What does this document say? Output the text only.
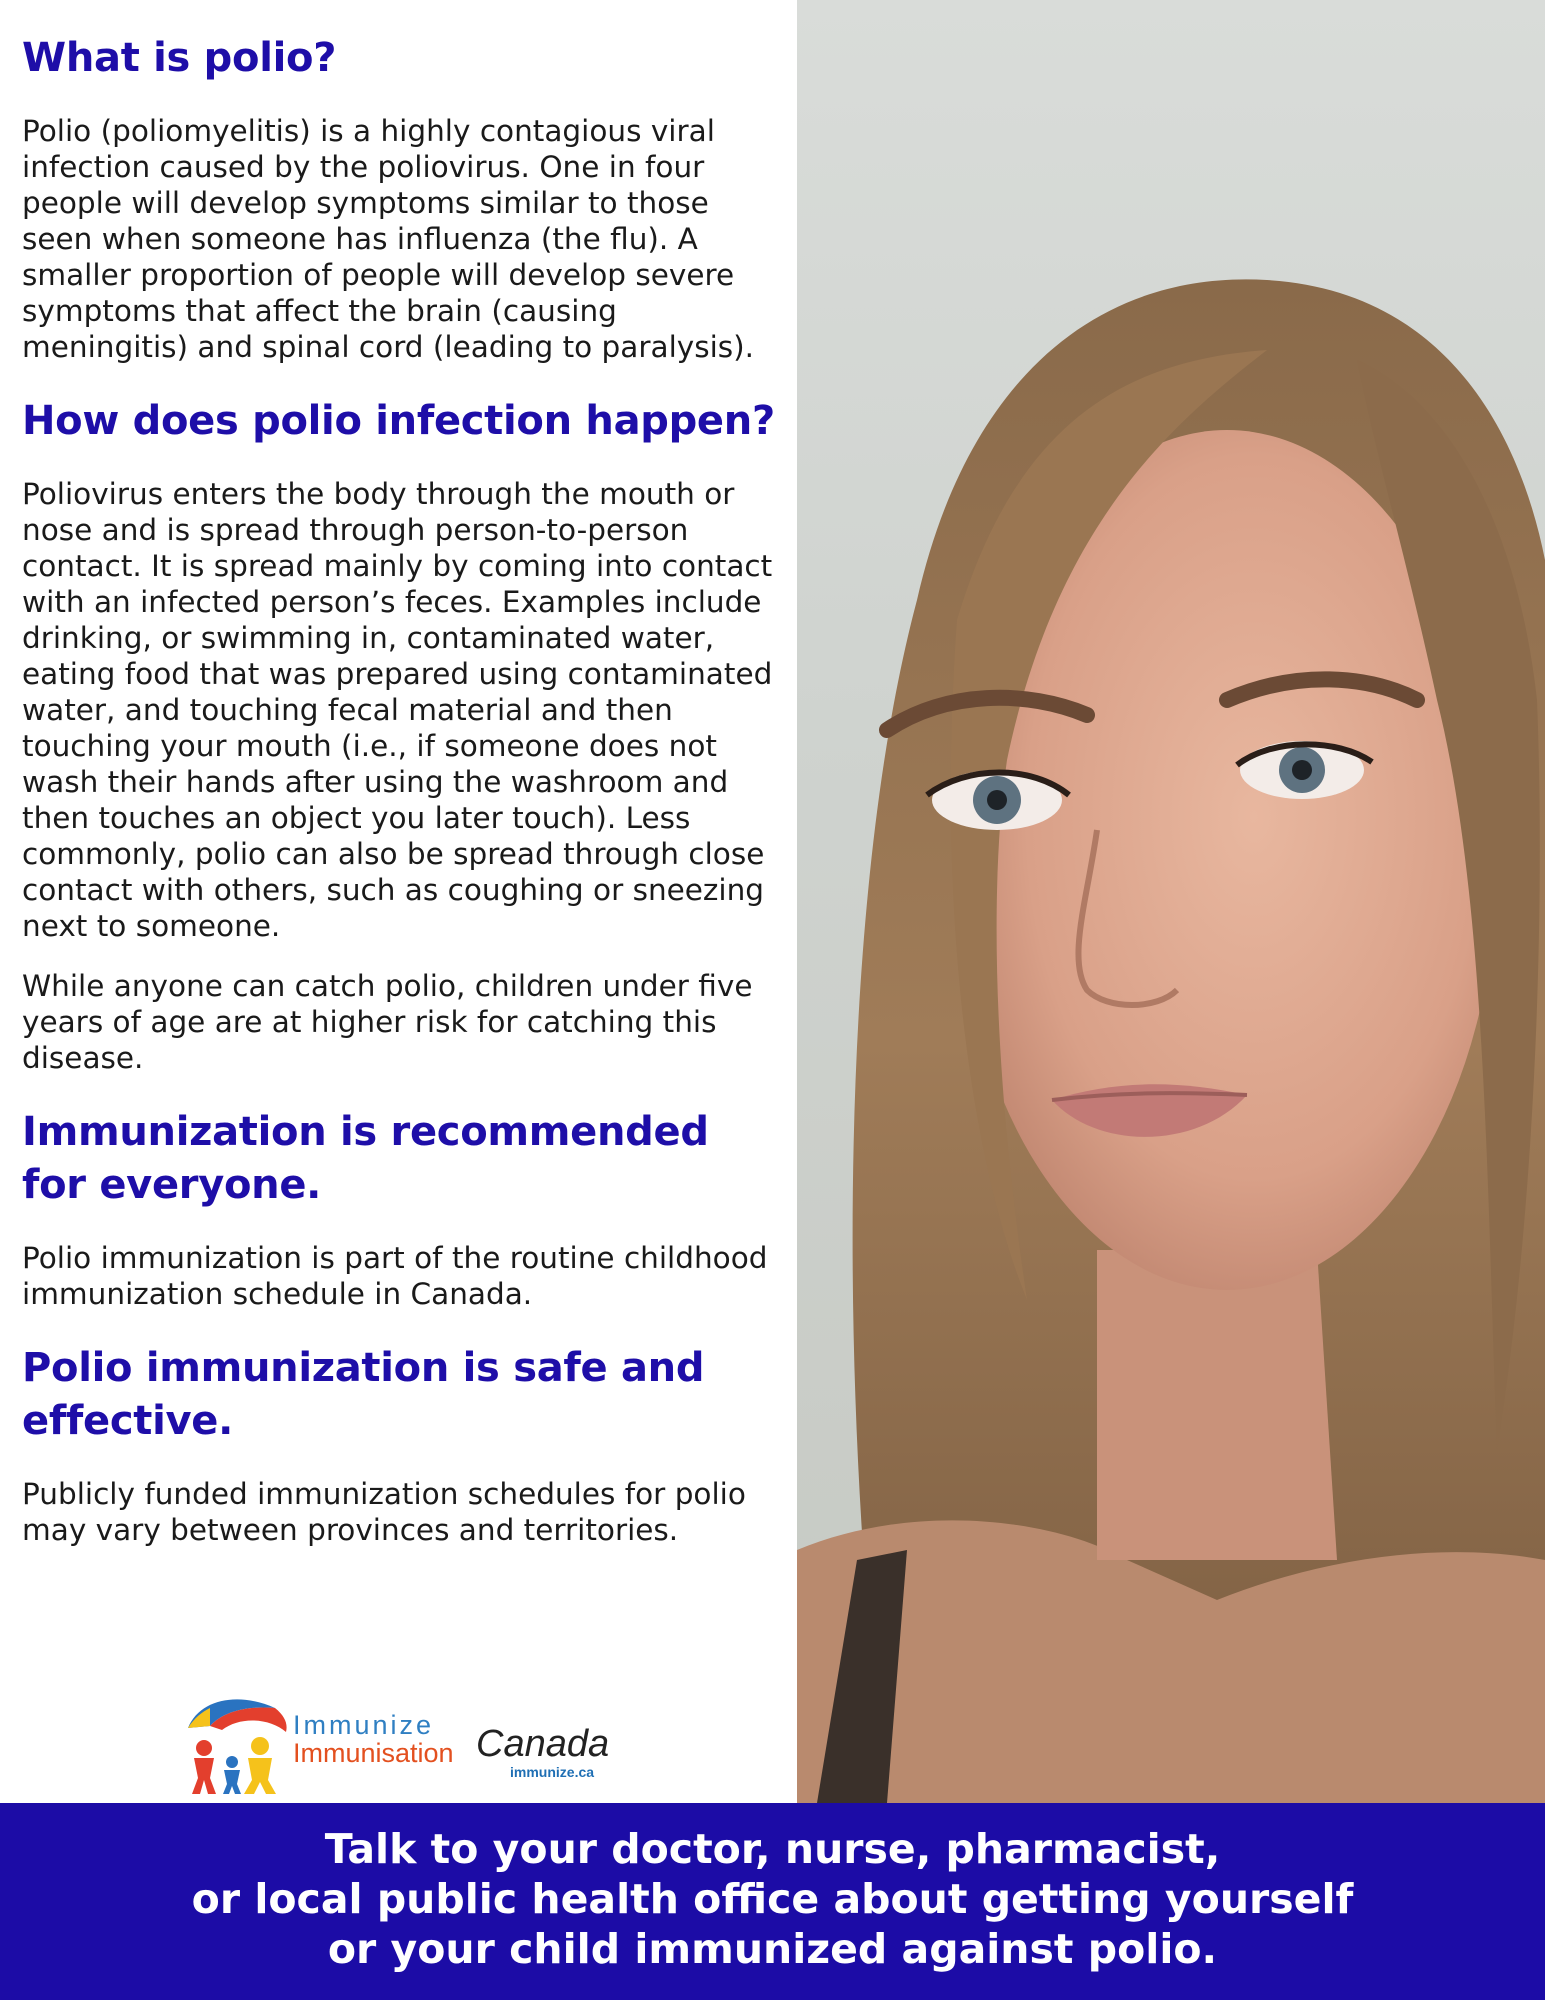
What is polio?

Polio (poliomyelitis) is a highly contagious viral infection caused by the poliovirus. One in four people will develop symptoms similar to those seen when someone has influenza (the flu). A smaller proportion of people will develop severe symptoms that affect the brain (causing meningitis) and spinal cord (leading to paralysis).

How does polio infection happen?

Poliovirus enters the body through the mouth or nose and is spread through person-to-person contact. It is spread mainly by coming into contact with an infected person’s feces. Examples include drinking, or swimming in, contaminated water, eating food that was prepared using contaminated water, and touching fecal material and then touching your mouth (i.e., if someone does not wash their hands after using the washroom and then touches an object you later touch). Less commonly, polio can also be spread through close contact with others, such as coughing or sneezing next to someone.

While anyone can catch polio, children under five years of age are at higher risk for catching this disease.

Immunization is recommended for everyone.

Polio immunization is part of the routine childhood immunization schedule in Canada.

Polio immunization is safe and effective.

Publicly funded immunization schedules for polio may vary between provinces and territories.

Immunize
Immunisation Canada
immunize.ca
Talk to your doctor, nurse, pharmacist,
or local public health office about getting yourself
or your child immunized against polio.
